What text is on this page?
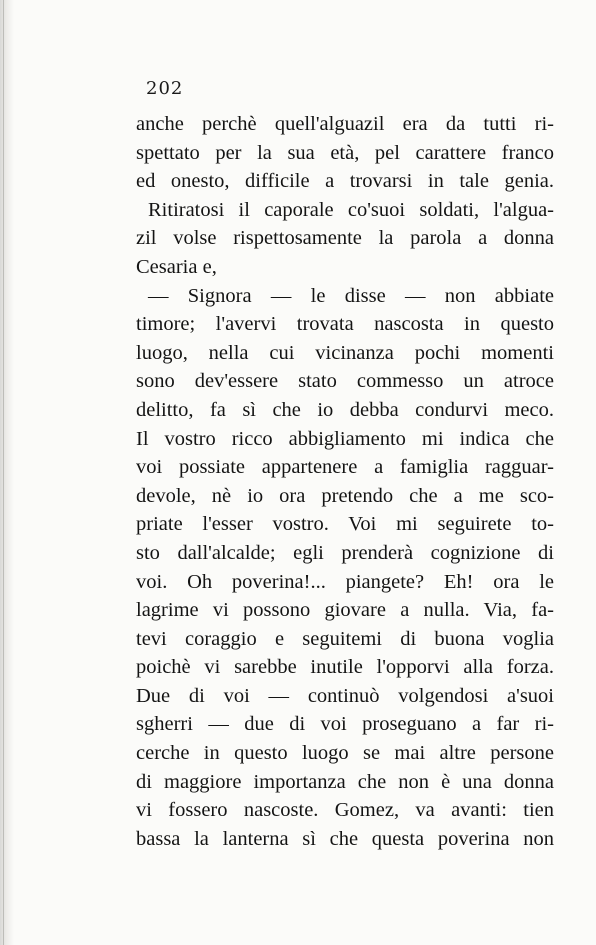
202
anche perchè quell'alguazil era da tutti ri-
spettato per la sua età, pel carattere franco
ed onesto, difficile a trovarsi in tale genia.
Ritiratosi il caporale co'suoi soldati, l'algua-
zil volse rispettosamente la parola a donna
Cesaria e,
— Signora — le disse — non abbiate
timore; l'avervi trovata nascosta in questo
luogo, nella cui vicinanza pochi momenti
sono dev'essere stato commesso un atroce
delitto, fa sì che io debba condurvi meco.
Il vostro ricco abbigliamento mi indica che
voi possiate appartenere a famiglia ragguar-
devole, nè io ora pretendo che a me sco-
priate l'esser vostro. Voi mi seguirete to-
sto dall'alcalde; egli prenderà cognizione di
voi. Oh poverina!... piangete? Eh! ora le
lagrime vi possono giovare a nulla. Via, fa-
tevi coraggio e seguitemi di buona voglia
poichè vi sarebbe inutile l'opporvi alla forza.
Due di voi — continuò volgendosi a'suoi
sgherri — due di voi proseguano a far ri-
cerche in questo luogo se mai altre persone
di maggiore importanza che non è una donna
vi fossero nascoste. Gomez, va avanti: tien
bassa la lanterna sì che questa poverina non
